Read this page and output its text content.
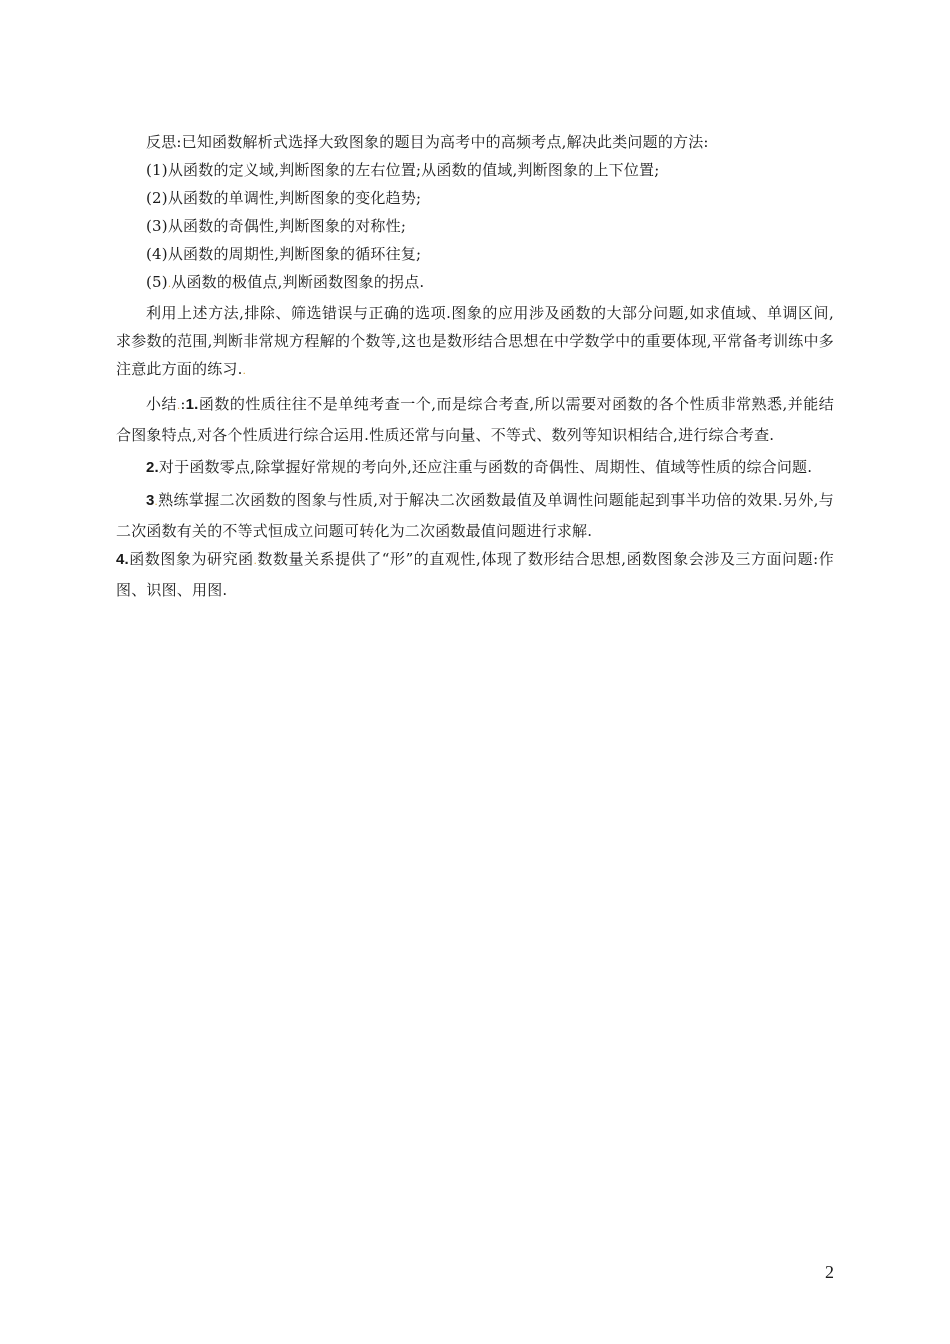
反思:已知函数解析式选择大致图象的题目为高考中的高频考点,解决此类问题的方法:

(1)从函数的定义域,判断图象的左右位置;从函数的值域,判断图象的上下位置;

(2)从函数的单调性,判断图象的变化趋势;

(3)从函数的奇偶性,判断图象的对称性;

(4)从函数的周期性,判断图象的循环往复;

(5).从函数的极值点,判断函数图象的拐点.

利用上述方法,排除、筛选错误与正确的选项.图象的应用涉及函数的大部分问题,如求值域、单调区间,求参数的范围,判断非常规方程解的个数等,这也是数形结合思想在中学数学中的重要体现,平常备考训练中多注意此方面的练习..

小结.:1.函数的性质往往不是单纯考查一个,而是综合考查,所以需要对函数的各个性质非常熟悉,并能结合图象特点,对各个性质进行综合运用.性质还常与向量、不等式、数列等知识相结合,进行综合考查.

2.对于函数零点,除掌握好常规的考向外,还应注重与函数的奇偶性、周期性、值域等性质的综合问题.

3.熟练掌握二次函数的图象与性质,对于解决二次函数最值及单调性问题能起到事半功倍的效果.另外,与二次函数有关的不等式恒成立问题可转化为二次函数最值问题进行求解.

4.函数图象为研究函.数数量关系提供了“形”的直观性,体现了数形结合思想,函数图象会涉及三方面问题:作图、识图、用图.

2
